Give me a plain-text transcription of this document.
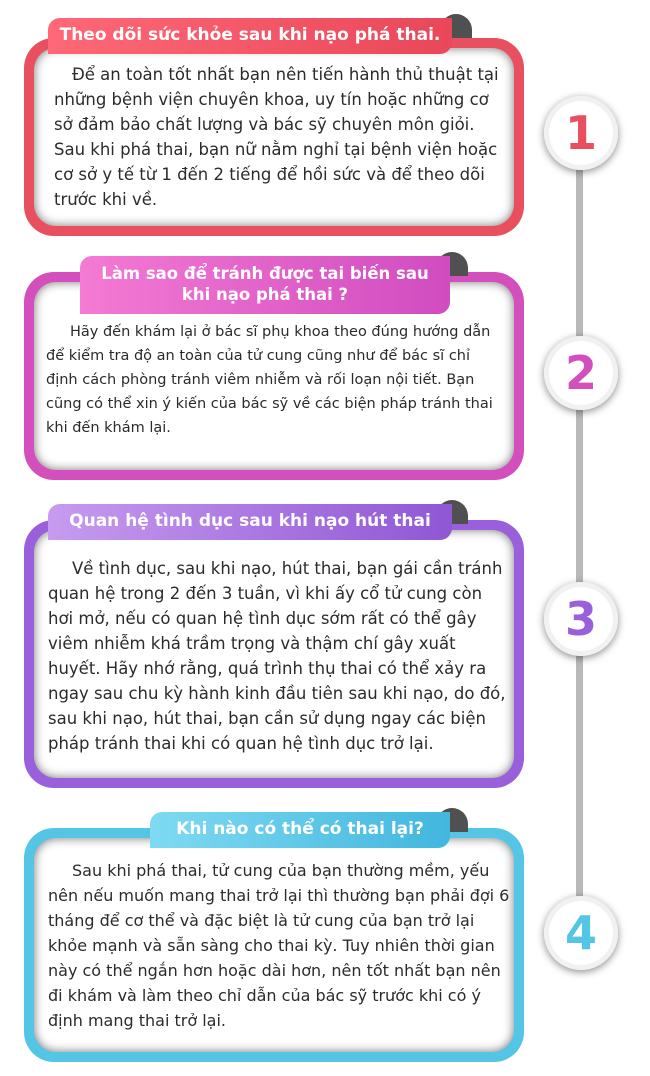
Để an toàn tốt nhất bạn nên tiến hành thủ thuật tại những bệnh viện chuyên khoa, uy tín hoặc những cơ sở đảm bảo chất lượng và bác sỹ chuyên môn giỏi. Sau khi phá thai, bạn nữ nằm nghỉ tại bệnh viện hoặc cơ sở y tế từ 1 đến 2 tiếng để hồi sức và để theo dõi trước khi về.

Theo dõi sức khỏe sau khi nạo phá thai.
1

Hãy đến khám lại ở bác sĩ phụ khoa theo đúng hướng dẫn để kiểm tra độ an toàn của tử cung cũng như để bác sĩ chỉ định cách phòng tránh viêm nhiễm và rối loạn nội tiết. Bạn cũng có thể xin ý kiến của bác sỹ về các biện pháp tránh thai khi đến khám lại.

Làm sao để tránh được tai biến sau khi nạo phá thai ?
2

Về tình dục, sau khi nạo, hút thai, bạn gái cần tránh quan hệ trong 2 đến 3 tuần, vì khi ấy cổ tử cung còn hơi mở, nếu có quan hệ tình dục sớm rất có thể gây viêm nhiễm khá trầm trọng và thậm chí gây xuất huyết. Hãy nhớ rằng, quá trình thụ thai có thể xảy ra ngay sau chu kỳ hành kinh đầu tiên sau khi nạo, do đó, sau khi nạo, hút thai, bạn cần sử dụng ngay các biện pháp tránh thai khi có quan hệ tình dục trở lại.

Quan hệ tình dục sau khi nạo hút thai
3

Sau khi phá thai, tử cung của bạn thường mềm, yếu nên nếu muốn mang thai trở lại thì thường bạn phải đợi 6 tháng để cơ thể và đặc biệt là tử cung của bạn trở lại khỏe mạnh và sẵn sàng cho thai kỳ. Tuy nhiên thời gian này có thể ngắn hơn hoặc dài hơn, nên tốt nhất bạn nên đi khám và làm theo chỉ dẫn của bác sỹ trước khi có ý định mang thai trở lại.

Khi nào có thể có thai lại?
4
